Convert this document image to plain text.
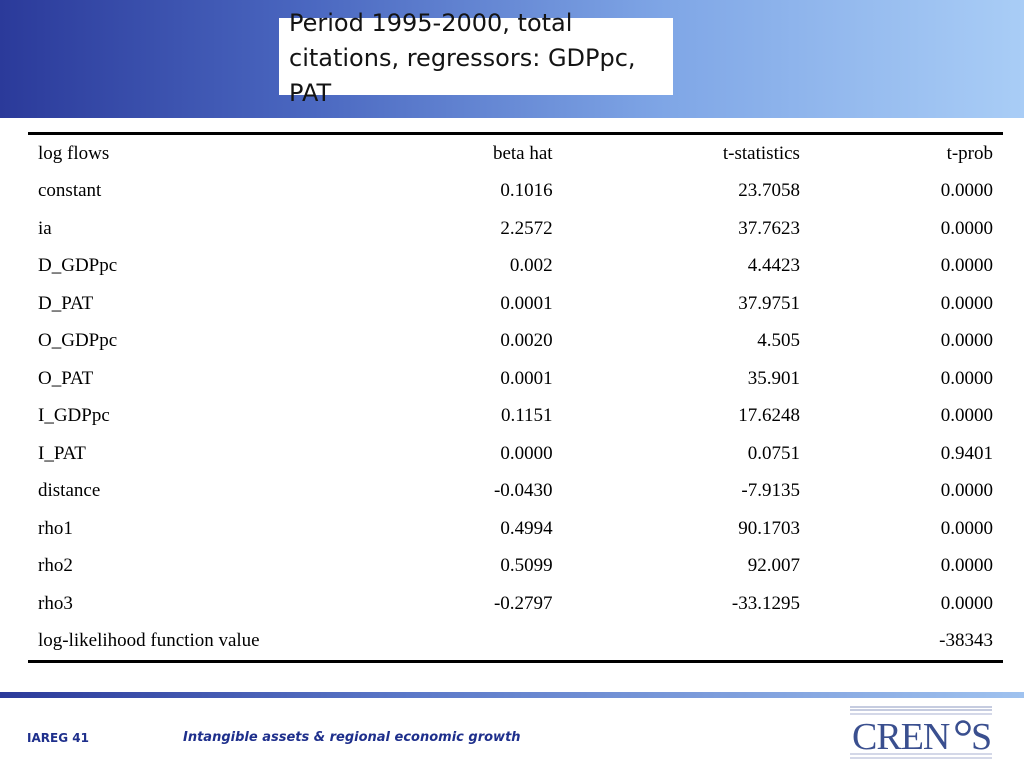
Period 1995-2000, total citations, regressors: GDPpc, PAT
log flows	beta hat	t-statistics	t-prob
constant	0.1016	23.7058	0.0000
ia	2.2572	37.7623	0.0000
D_GDPpc	0.002	4.4423	0.0000
D_PAT	0.0001	37.9751	0.0000
O_GDPpc	0.0020	4.505	0.0000
O_PAT	0.0001	35.901	0.0000
I_GDPpc	0.1151	17.6248	0.0000
I_PAT	0.0000	0.0751	0.9401
distance	-0.0430	-7.9135	0.0000
rho1	0.4994	90.1703	0.0000
rho2	0.5099	92.007	0.0000
rho3	-0.2797	-33.1295	0.0000
log-likelihood function value			-38343
IAREG 41	Intangible assets & regional economic growth	CREN S
